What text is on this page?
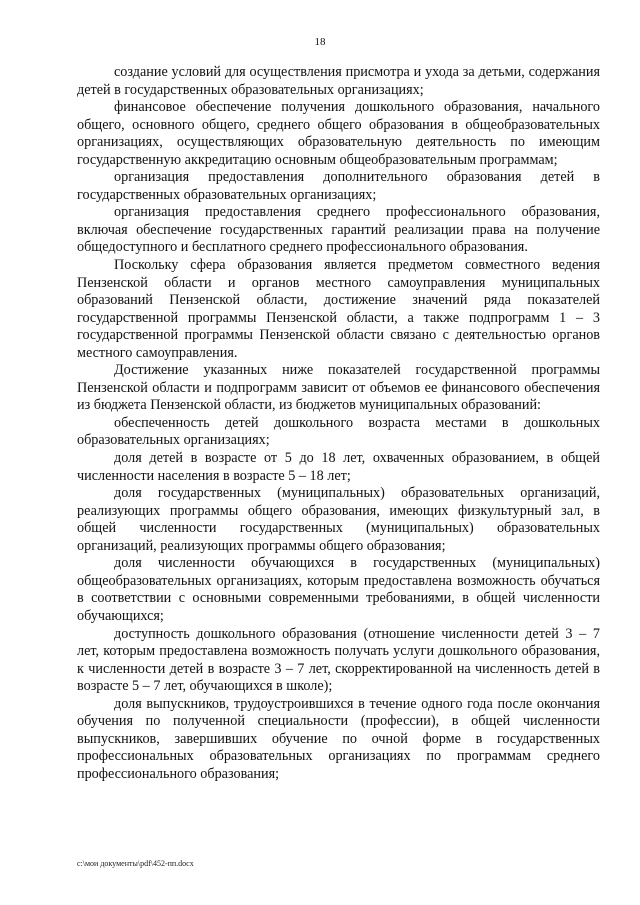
18

создание условий для осуществления присмотра и ухода за детьми, содержания детей в государственных образовательных организациях;

финансовое обеспечение получения дошкольного образования, начального общего, основного общего, среднего общего образования в общеобразовательных организациях, осуществляющих образовательную деятельность по имеющим государственную аккредитацию основным общеобразовательным программам;

организация предоставления дополнительного образования детей в государственных образовательных организациях;

организация предоставления среднего профессионального образования, включая обеспечение государственных гарантий реализации права на получение общедоступного и бесплатного среднего профессионального образования.

Поскольку сфера образования является предметом совместного ведения Пензенской области и органов местного самоуправления муниципальных образований Пензенской области, достижение значений ряда показателей государственной программы Пензенской области, а также подпрограмм 1 – 3 государственной программы Пензенской области связано с деятельностью органов местного самоуправления.

Достижение указанных ниже показателей государственной программы Пензенской области и подпрограмм зависит от объемов ее финансового обеспечения из бюджета Пензенской области, из бюджетов муниципальных образований:

обеспеченность детей дошкольного возраста местами в дошкольных образовательных организациях;

доля детей в возрасте от 5 до 18 лет, охваченных образованием, в общей численности населения в возрасте 5 – 18 лет;

доля государственных (муниципальных) образовательных организаций, реализующих программы общего образования, имеющих физкультурный зал, в общей численности государственных (муниципальных) образовательных организаций, реализующих программы общего образования;

доля численности обучающихся в государственных (муниципальных) общеобразовательных организациях, которым предоставлена возможность обучаться в соответствии с основными современными требованиями, в общей численности обучающихся;

доступность дошкольного образования (отношение численности детей 3 – 7 лет, которым предоставлена возможность получать услуги дошкольного образования, к численности детей в возрасте 3 – 7 лет, скорректированной на численность детей в возрасте 5 – 7 лет, обучающихся в школе);

доля выпускников, трудоустроившихся в течение одного года после окончания обучения по полученной специальности (профессии), в общей численности выпускников, завершивших обучение по очной форме в государственных профессиональных образовательных организациях по программам среднего профессионального образования;

c:\мои документы\pdf\452-пп.docx
